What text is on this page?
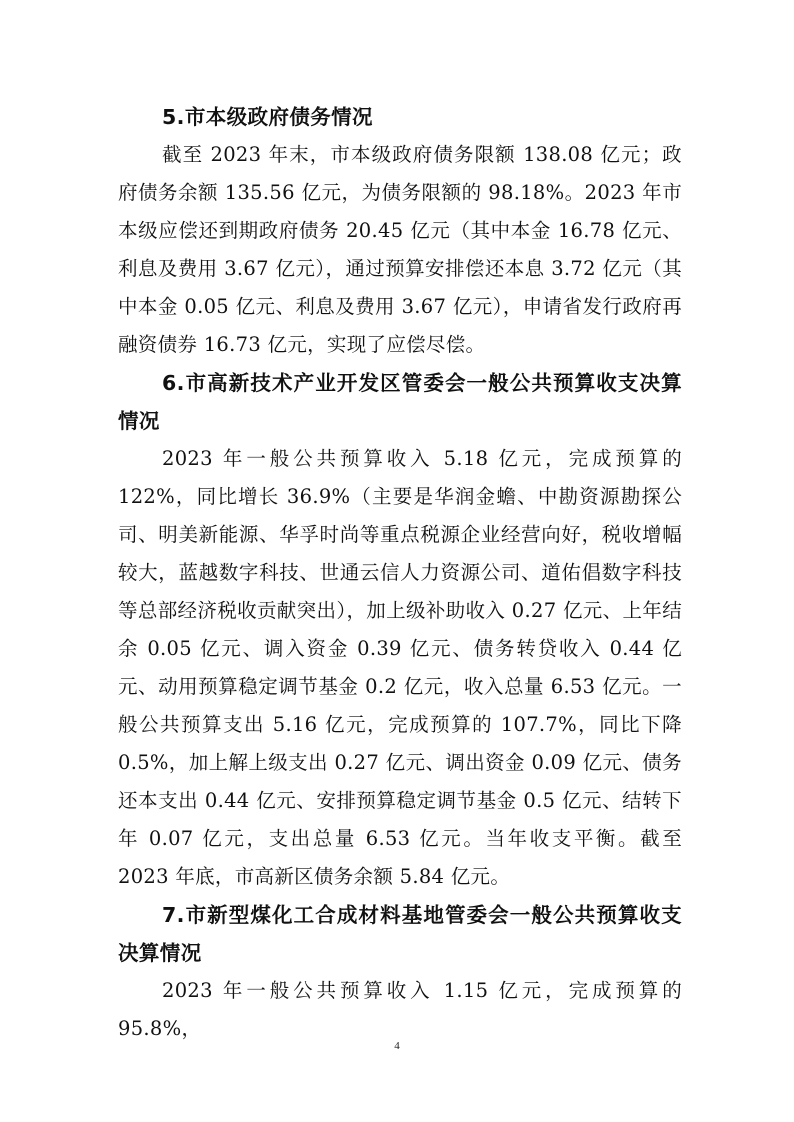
5.市本级政府债务情况

截至 2023 年末，市本级政府债务限额 138.08 亿元；政府债务余额 135.56 亿元，为债务限额的 98.18%。2023 年市本级应偿还到期政府债务 20.45 亿元（其中本金 16.78 亿元、利息及费用 3.67 亿元），通过预算安排偿还本息 3.72 亿元（其中本金 0.05 亿元、利息及费用 3.67 亿元），申请省发行政府再融资债券 16.73 亿元，实现了应偿尽偿。

6.市高新技术产业开发区管委会一般公共预算收支决算情况

2023 年一般公共预算收入 5.18 亿元，完成预算的 122%，同比增长 36.9%（主要是华润金蟾、中勘资源勘探公司、明美新能源、华孚时尚等重点税源企业经营向好，税收增幅较大，蓝越数字科技、世通云信人力资源公司、道佑倡数字科技等总部经济税收贡献突出），加上级补助收入 0.27 亿元、上年结余 0.05 亿元、调入资金 0.39 亿元、债务转贷收入 0.44 亿元、动用预算稳定调节基金 0.2 亿元，收入总量 6.53 亿元。一般公共预算支出 5.16 亿元，完成预算的 107.7%，同比下降 0.5%，加上解上级支出 0.27 亿元、调出资金 0.09 亿元、债务还本支出 0.44 亿元、安排预算稳定调节基金 0.5 亿元、结转下年 0.07 亿元，支出总量 6.53 亿元。当年收支平衡。截至 2023 年底，市高新区债务余额 5.84 亿元。

7.市新型煤化工合成材料基地管委会一般公共预算收支决算情况

2023 年一般公共预算收入 1.15 亿元，完成预算的 95.8%，

4
